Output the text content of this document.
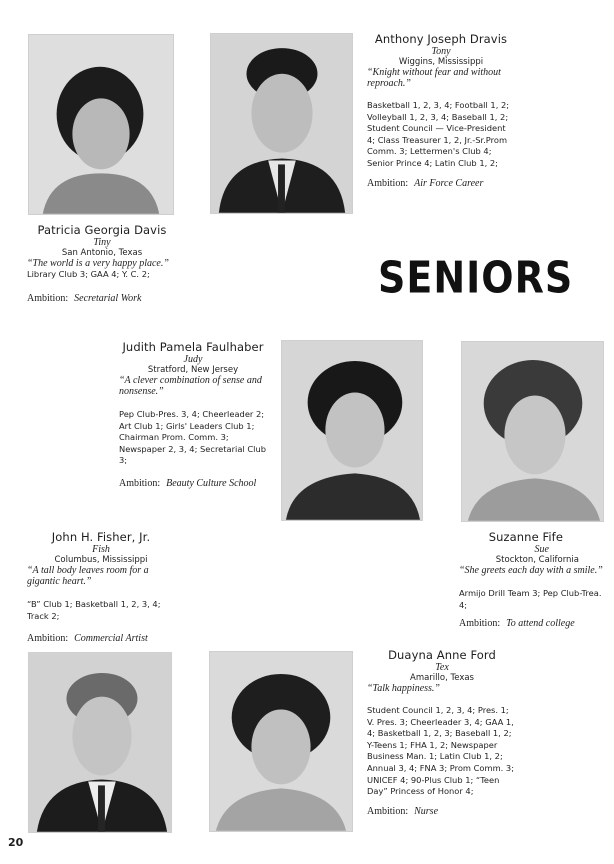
SENIORS
Patricia Georgia Davis
Tiny
San Antonio, Texas
“The world is a very happy place.”
Library Club 3; GAA 4; Y. C. 2;
Ambition: Secretarial Work
Anthony Joseph Dravis
Tony
Wiggins, Mississippi
“Knight without fear and without reproach.”
Basketball 1, 2, 3, 4; Football 1, 2; Volleyball 1, 2, 3, 4; Baseball 1, 2; Student Council — Vice-President 4; Class Treasurer 1, 2, Jr.-Sr.Prom Comm. 3; Lettermen's Club 4; Senior Prince 4; Latin Club 1, 2;
Ambition: Air Force Career
Judith Pamela Faulhaber
Judy
Stratford, New Jersey
“A clever combination of sense and nonsense.”
Pep Club-Pres. 3, 4; Cheerleader 2; Art Club 1; Girls' Leaders Club 1; Chairman Prom. Comm. 3; Newspaper 2, 3, 4; Secretarial Club 3;
Ambition: Beauty Culture School
Suzanne Fife
Sue
Stockton, California
“She greets each day with a smile.”
Armijo Drill Team 3; Pep Club-Trea. 4;
Ambition: To attend college
John H. Fisher, Jr.
Fish
Columbus, Mississippi
“A tall body leaves room for a gigantic heart.”
“B” Club 1; Basketball 1, 2, 3, 4; Track 2;
Ambition: Commercial Artist
Duayna Anne Ford
Tex
Amarillo, Texas
“Talk happiness.”
Student Council 1, 2, 3, 4; Pres. 1; V. Pres. 3; Cheerleader 3, 4; GAA 1, 4; Basketball 1, 2, 3; Baseball 1, 2; Y-Teens 1; FHA 1, 2; Newspaper Business Man. 1; Latin Club 1, 2; Annual 3, 4; FNA 3; Prom Comm. 3; UNICEF 4; 90-Plus Club 1; “Teen Day” Princess of Honor 4;
Ambition: Nurse
20
